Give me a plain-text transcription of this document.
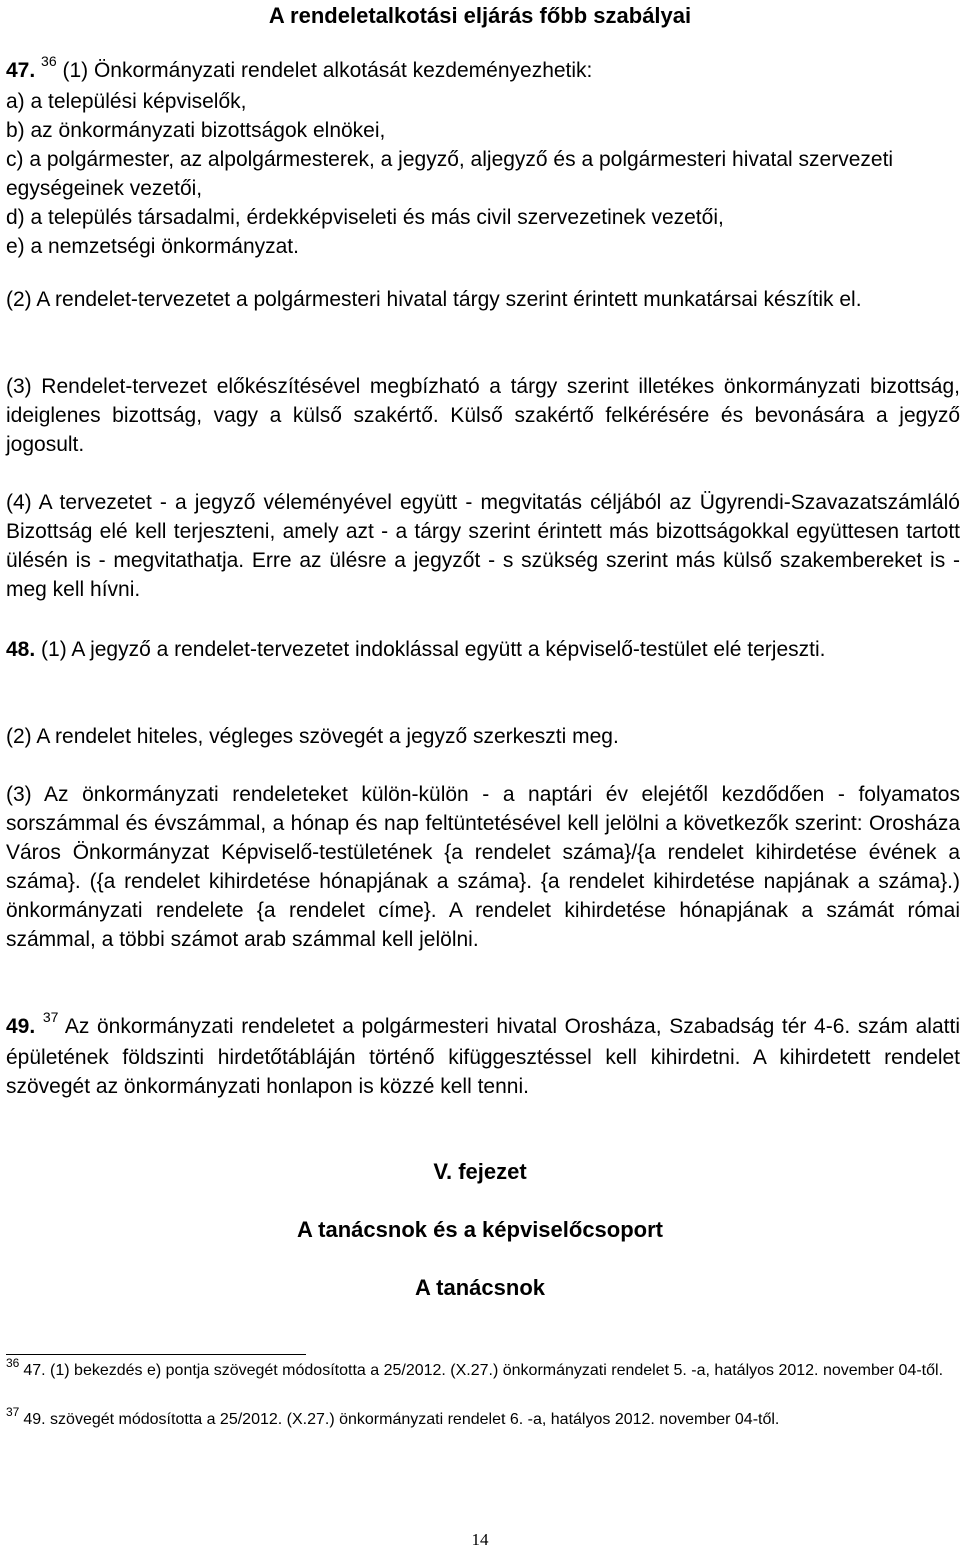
A rendeletalkotási eljárás főbb szabályai
47. $^{36}$ (1) Önkormányzati rendelet alkotását kezdeményezhetik:
a) a települési képviselők,
b) az önkormányzati bizottságok elnökei,
c) a polgármester, az alpolgármesterek, a jegyző, aljegyző és a polgármesteri hivatal szervezeti egységeinek vezetői,
d) a település társadalmi, érdekképviseleti és más civil szervezetinek vezetői,
e) a nemzetségi önkormányzat.

(2) A rendelet-tervezetet a polgármesteri hivatal tárgy szerint érintett munkatársai készítik el.

(3) Rendelet-tervezet előkészítésével megbízható a tárgy szerint illetékes önkormányzati bizottság, ideiglenes bizottság, vagy a külső szakértő. Külső szakértő felkérésére és bevonására a jegyző jogosult.

(4) A tervezetet - a jegyző véleményével együtt - megvitatás céljából az Ügyrendi-Szavazatszámláló Bizottság elé kell terjeszteni, amely azt - a tárgy szerint érintett más bizottságokkal együttesen tartott ülésén is - megvitathatja. Erre az ülésre a jegyzőt - s szükség szerint más külső szakembereket is - meg kell hívni.

48. (1) A jegyző a rendelet-tervezetet indoklással együtt a képviselő-testület elé terjeszti.

(2) A rendelet hiteles, végleges szövegét a jegyző szerkeszti meg.

(3) Az önkormányzati rendeleteket külön-külön - a naptári év elejétől kezdődően - folyamatos sorszámmal és évszámmal, a hónap és nap feltüntetésével kell jelölni a következők szerint: Orosháza Város Önkormányzat Képviselő-testületének {a rendelet száma}/{a rendelet kihirdetése évének a száma}. ({a rendelet kihirdetése hónapjának a száma}. {a rendelet kihirdetése napjának a száma}.) önkormányzati rendelete {a rendelet címe}. A rendelet kihirdetése hónapjának a számát római számmal, a többi számot arab számmal kell jelölni.

49. $^{37}$ Az önkormányzati rendeletet a polgármesteri hivatal Orosháza, Szabadság tér 4-6. szám alatti épületének földszinti hirdetőtábláján történő kifüggesztéssel kell kihirdetni. A kihirdetett rendelet szövegét az önkormányzati honlapon is közzé kell tenni.
V. fejezet
A tanácsnok és a képviselőcsoport
A tanácsnok

$^{36}$ 47. (1) bekezdés e) pontja szövegét módosította a 25/2012. (X.27.) önkormányzati rendelet 5. -a, hatályos 2012. november 04-től.

$^{37}$ 49. szövegét módosította a 25/2012. (X.27.) önkormányzati rendelet 6. -a, hatályos 2012. november 04-től.

14
